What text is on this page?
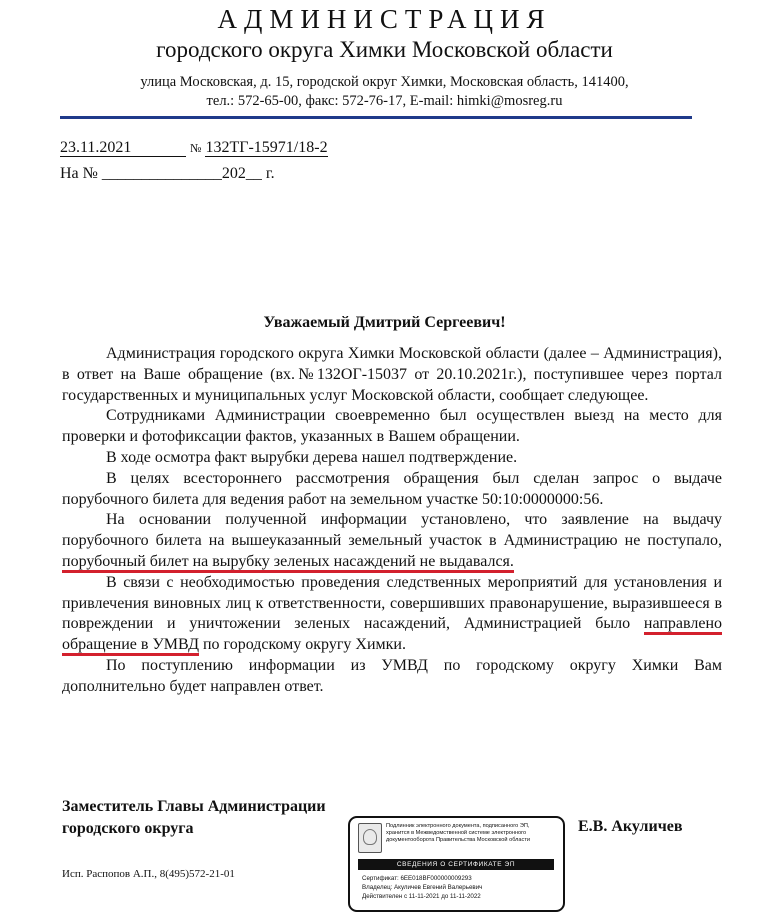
АДМИНИСТРАЦИЯ
городского округа Химки Московской области
улица Московская, д. 15, городской округ Химки, Московская область, 141400,
тел.: 572-65-00, факс: 572-76-17, E-mail: himki@mosreg.ru
23.11.2021	№ 132ТГ-15971/18-2
На № _______________202__ г.
Уважаемый Дмитрий Сергеевич!

Администрация городского округа Химки Московской области (далее – Администрация), в ответ на Ваше обращение (вх.№132ОГ-15037 от 20.10.2021г.), поступившее через портал государственных и муниципальных услуг Московской области, сообщает следующее.

Сотрудниками Администрации своевременно был осуществлен выезд на место для проверки и фотофиксации фактов, указанных в Вашем обращении.

В ходе осмотра факт вырубки дерева нашел подтверждение.

В целях всестороннего рассмотрения обращения был сделан запрос о выдаче порубочного билета для ведения работ на земельном участке 50:10:0000000:56.

На основании полученной информации установлено, что заявление на выдачу порубочного билета на вышеуказанный земельный участок в Администрацию не поступало, порубочный билет на вырубку зеленых насаждений не выдавался.

В связи с необходимостью проведения следственных мероприятий для установления и привлечения виновных лиц к ответственности, совершивших правонарушение, выразившееся в повреждении и уничтожении зеленых насаждений, Администрацией было направлено обращение в УМВД по городскому округу Химки.

По поступлению информации из УМВД по городскому округу Химки Вам дополнительно будет направлен ответ.

Заместитель Главы Администрации
городского округа	Подлинник электронного документа, подписанного ЭП,
хранится в Межведомственной системе электронного
документооборота Правительства Московской области
СВЕДЕНИЯ О СЕРТИФИКАТЕ ЭП
Сертификат: 6EE018BF000000009293
Владелец: Акуличев Евгений Валерьевич
Действителен с 11-11-2021 до 11-11-2022
Е.В. Акуличев
Исп. Распопов А.П., 8(495)572-21-01
